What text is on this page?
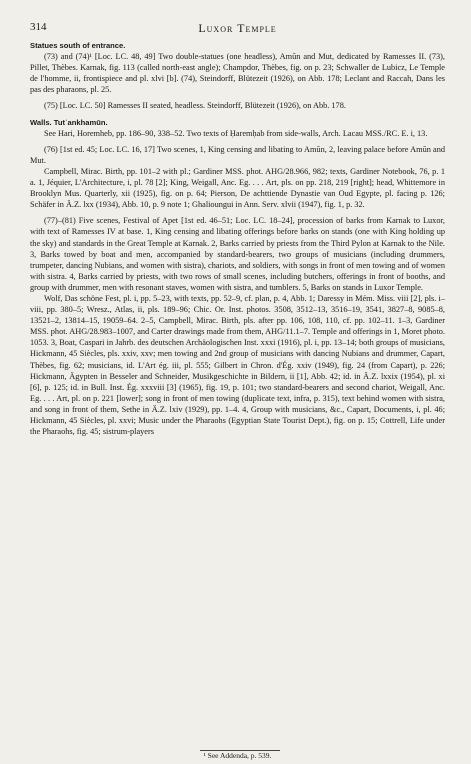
314	Luxor Temple

Statues south of entrance.

(73) and (74)¹ [Loc. LC. 48, 49] Two double-statues (one headless), Amūn and Mut, dedicated by Ramesses II. (73), Pillet, Thèbes. Karnak, fig. 113 (called north-east angle); Champdor, Thèbes, fig. on p. 23; Schwaller de Lubicz, Le Temple de l'homme, ii, frontispiece and pl. xlvi [b]. (74), Steindorff, Blütezeit (1926), on Abb. 178; Leclant and Raccah, Dans les pas des pharaons, pl. 25.

(75) [Loc. LC. 50] Ramesses II seated, headless. Steindorff, Blütezeit (1926), on Abb. 178.

Walls. Tutʿankhamūn.

See Hari, Horemheb, pp. 186–90, 338–52. Two texts of Ḥaremḥab from side-walls, Arch. Lacau MSS./RC. E. i, 13.

(76) [1st ed. 45; Loc. LC. 16, 17] Two scenes, 1, King censing and libating to Amūn, 2, leaving palace before Amūn and Mut.

Campbell, Mirac. Birth, pp. 101–2 with pl.; Gardiner MSS. phot. AHG/28.966, 982; texts, Gardiner Notebook, 76, p. 1 a. 1, Jéquier, L'Architecture, i, pl. 78 [2]; King, Weigall, Anc. Eg. . . . Art, pls. on pp. 218, 219 [right]; head, Whittemore in Brooklyn Mus. Quarterly, xii (1925), fig. on p. 64; Pierson, De achttiende Dynastie van Oud Egypte, pl. facing p. 126; Schäfer in Ä.Z. lxx (1934), Abb. 10, p. 9 note 1; Ghalioungui in Ann. Serv. xlvii (1947), fig. 1, p. 32.

(77)–(81) Five scenes, Festival of Apet [1st ed. 46–51; Loc. LC. 18–24], procession of barks from Karnak to Luxor, with text of Ramesses IV at base. 1, King censing and libating offerings before barks on stands (one with King holding up the sky) and standards in the Great Temple at Karnak. 2, Barks carried by priests from the Third Pylon at Karnak to the Nile. 3, Barks towed by boat and men, accompanied by standard-bearers, two groups of musicians (including drummers, trumpeter, dancing Nubians, and women with sistra), chariots, and soldiers, with songs in front of men towing and of women with sistra. 4, Barks carried by priests, with two rows of small scenes, including butchers, offerings in front of booths, and group with drummer, men with resonant staves, women with sistra, and tumblers. 5, Barks on stands in Luxor Temple.

Wolf, Das schöne Fest, pl. i, pp. 5–23, with texts, pp. 52–9, cf. plan, p. 4, Abb. 1; Daressy in Mém. Miss. viii [2], pls. i–viii, pp. 380–5; Wresz., Atlas, ii, pls. 189–96; Chic. Or. Inst. photos. 3508, 3512–13, 3516–19, 3541, 3827–8, 9085–8, 13521–2, 13814–15, 19059–64. 2–5, Campbell, Mirac. Birth, pls. after pp. 106, 108, 110, cf. pp. 102–11. 1–3, Gardiner MSS. phot. AHG/28.983–1007, and Carter drawings made from them, AHG/11.1–7. Temple and offerings in 1, Moret photo. 1053. 3, Boat, Caspari in Jahrb. des deutschen Archäologischen Inst. xxxi (1916), pl. i, pp. 13–14; both groups of musicians, Hickmann, 45 Siècles, pls. xxiv, xxv; men towing and 2nd group of musicians with dancing Nubians and drummer, Capart, Thèbes, fig. 62; musicians, id. L'Art ég. iii, pl. 555; Gilbert in Chron. d'Ég. xxiv (1949), fig. 24 (from Capart), p. 226; Hickmann, Ägypten in Besseler and Schneider, Musikgeschichte in Bildern, ii [1], Abb. 42; id. in Ä.Z. lxxix (1954), pl. xi [6], p. 125; id. in Bull. Inst. Ég. xxxviii [3] (1965), fig. 19, p. 101; two standard-bearers and second chariot, Weigall, Anc. Eg. . . . Art, pl. on p. 221 [lower]; song in front of men towing (duplicate text, infra, p. 315), text behind women with sistra, and song in front of them, Sethe in Ä.Z. lxiv (1929), pp. 1–4. 4, Group with musicians, &c., Capart, Documents, i, pl. 46; Hickmann, 45 Siècles, pl. xxvi; Music under the Pharaohs (Egyptian State Tourist Dept.), fig. on p. 15; Cottrell, Life under the Pharaohs, fig. 45; sistrum-players

¹ See Addenda, p. 539.
